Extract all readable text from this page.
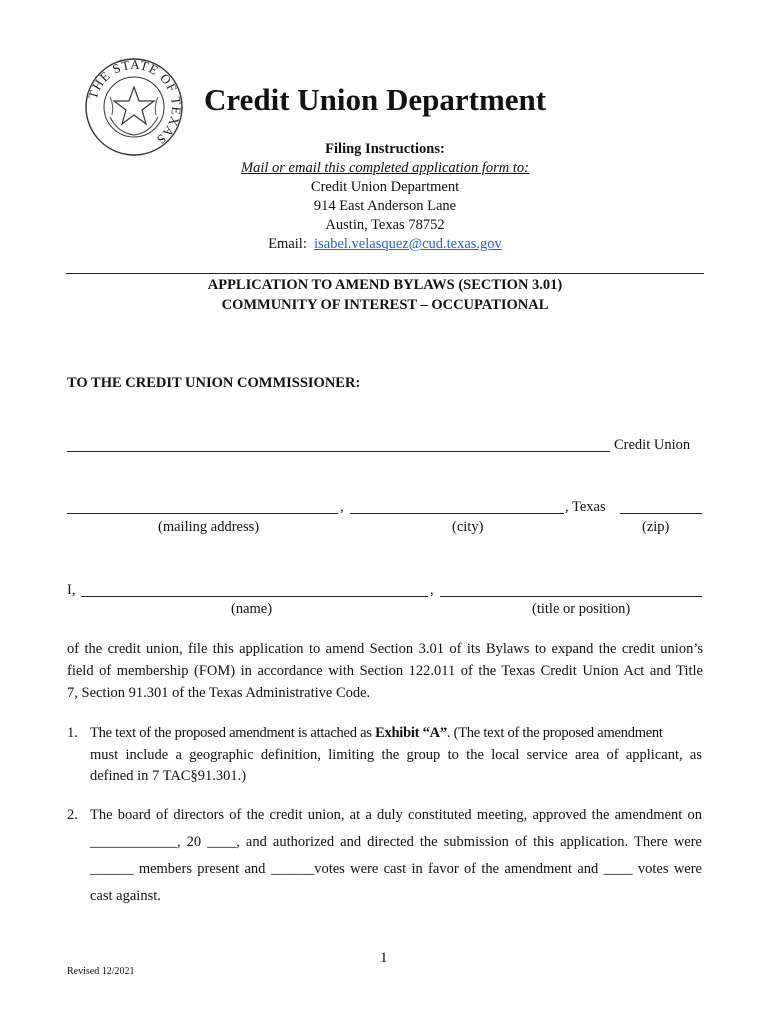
THE STATE OF TEXAS
Credit Union Department
Filing Instructions:
Mail or email this completed application form to:
Credit Union Department
914 East Anderson Lane
Austin, Texas 78752
Email: isabel.velasquez@cud.texas.gov
APPLICATION TO AMEND BYLAWS (SECTION 3.01)
COMMUNITY OF INTEREST – OCCUPATIONAL
TO THE CREDIT UNION COMMISSIONER:
Credit Union
,	, Texas
(mailing address)	(city)	(zip)
I,	,
(name)	(title or position)
of the credit union, file this application to amend Section 3.01 of its Bylaws to expand the credit union’s
field of membership (FOM) in accordance with Section 122.011 of the Texas Credit Union Act and Title
7, Section 91.301 of the Texas Administrative Code.
1. The text of the proposed amendment is attached as Exhibit “A”. (The text of the proposed amendment
must include a geographic definition, limiting the group to the local service area of applicant, as
defined in 7 TAC§91.301.)
2. The board of directors of the credit union, at a duly constituted meeting, approved the amendment on
____________, 20 ____, and authorized and directed the submission of this application. There were
______ members present and ______votes were cast in favor of the amendment and ____ votes were
cast against.
1
Revised 12/2021
